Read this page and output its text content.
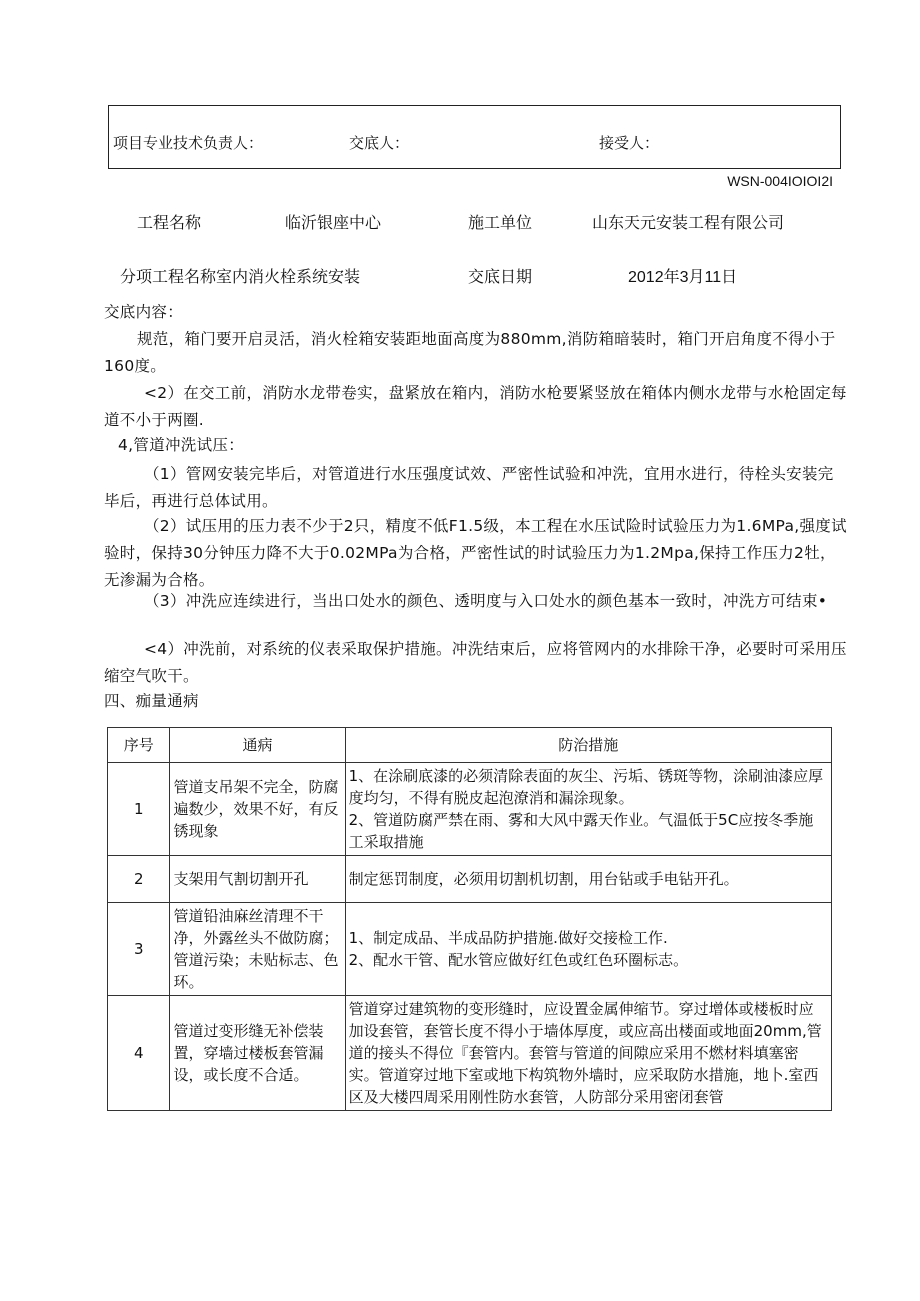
项目专业技术负责人：	交底人：	接受人：
WSN-004IOIOI2I
工程名称	临沂银座中心	施工单位	山东天元安装工程有限公司
分项工程名称室内消火栓系统安装	交底日期	2012年3月11日
交底内容：
规范，箱门要开启灵活，消火栓箱安装距地面高度为880mm,消防箱暗装时，箱门开启角度不得小于160度。
<2）在交工前，消防水龙带卷实，盘紧放在箱内，消防水枪要紧竖放在箱体内侧水龙带与水枪固定每道不小于两圈.
4,管道冲洗试压：
（1）管网安装完毕后，对管道进行水压强度试效、严密性试验和冲洗，宜用水进行，待栓头安装完毕后，再进行总体试用。
（2）试压用的压力表不少于2只，精度不低F1.5级，本工程在水压试险时试验压力为1.6MPa,强度试验时，保持30分钟压力降不大于0.02MPa为合格，严密性试的时试验压力为1.2Mpa,保持工作压力2牡，无渗漏为合格。
（3）冲洗应连续进行，当出口处水的颜色、透明度与入口处水的颜色基本一致时，冲洗方可结束•
<4）冲洗前，对系统的仪表采取保护措施。冲洗结束后，应将管网内的水排除干净，必要时可采用压缩空气吹干。
四、痂量通病
序号	通病	防治措施
1	管道支吊架不完全，防腐遍数少，效果不好，有反锈现象	1、在涂刷底漆的必须清除表面的灰尘、污垢、锈斑等物，涂刷油漆应厚度均匀，不得有脱皮起泡潦消和漏涂现象。
2、管道防腐严禁在雨、雾和大风中露天作业。气温低于5C应按冬季施工采取措施
2	支架用气割切割开孔	制定惩罚制度，必须用切割机切割，用台钻或手电钻开孔。
3	管道铅油麻丝清理不干净，外露丝头不做防腐；管道污染；未贴标志、色环。	1、制定成品、半成品防护措施.做好交接检工作.
2、配水干管、配水管应做好红色或红色环圈标志。
4	管道过变形缝无补偿装置，穿墙过楼板套管漏设，或长度不合适。	管道穿过建筑物的变形缝时，应设置金属伸缩节。穿过增体或楼板时应加设套管，套管长度不得小于墙体厚度，或应高出楼面或地面20mm,管道的接头不得位『套管内。套管与管道的间隙应采用不燃材料填塞密实。管道穿过地下室或地下构筑物外墙时，应采取防水措施，地卜.室西区及大楼四周采用刚性防水套管，人防部分采用密闭套管
